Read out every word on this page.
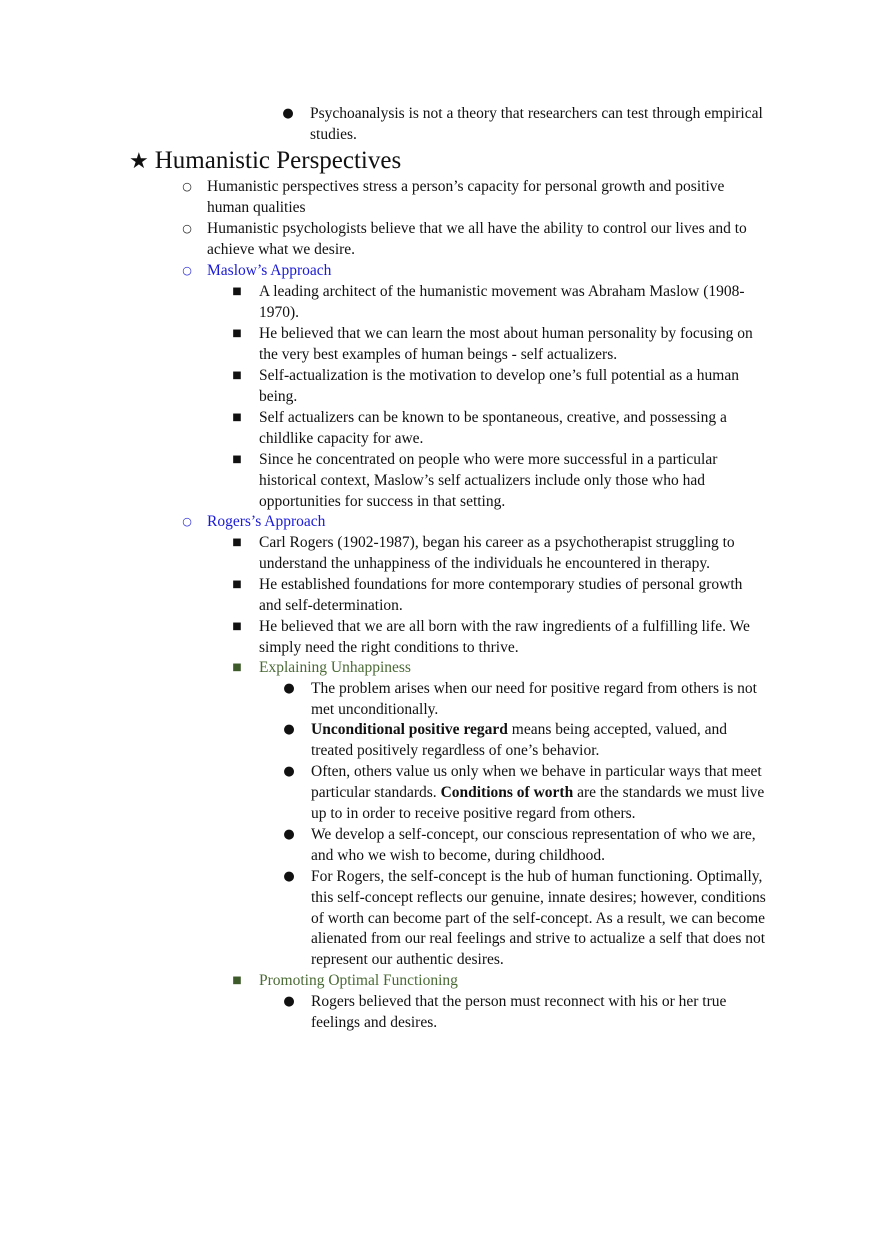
● Psychoanalysis is not a theory that researchers can test through empirical studies.
★ Humanistic Perspectives
○ Humanistic perspectives stress a person’s capacity for personal growth and positive human qualities
○ Humanistic psychologists believe that we all have the ability to control our lives and to achieve what we desire.
○ Maslow’s Approach
■ A leading architect of the humanistic movement was Abraham Maslow (1908-1970).
■ He believed that we can learn the most about human personality by focusing on the very best examples of human beings - self actualizers.
■ Self-actualization is the motivation to develop one’s full potential as a human being.
■ Self actualizers can be known to be spontaneous, creative, and possessing a childlike capacity for awe.
■ Since he concentrated on people who were more successful in a particular historical context, Maslow’s self actualizers include only those who had opportunities for success in that setting.
○ Rogers’s Approach
■ Carl Rogers (1902-1987), began his career as a psychotherapist struggling to understand the unhappiness of the individuals he encountered in therapy.
■ He established foundations for more contemporary studies of personal growth and self-determination.
■ He believed that we are all born with the raw ingredients of a fulfilling life. We simply need the right conditions to thrive.
■ Explaining Unhappiness
● The problem arises when our need for positive regard from others is not met unconditionally.
● Unconditional positive regard means being accepted, valued, and treated positively regardless of one’s behavior.
● Often, others value us only when we behave in particular ways that meet particular standards. Conditions of worth are the standards we must live up to in order to receive positive regard from others.
● We develop a self-concept, our conscious representation of who we are, and who we wish to become, during childhood.
● For Rogers, the self-concept is the hub of human functioning. Optimally, this self-concept reflects our genuine, innate desires; however, conditions of worth can become part of the self-concept. As a result, we can become alienated from our real feelings and strive to actualize a self that does not represent our authentic desires.
■ Promoting Optimal Functioning
● Rogers believed that the person must reconnect with his or her true feelings and desires.
